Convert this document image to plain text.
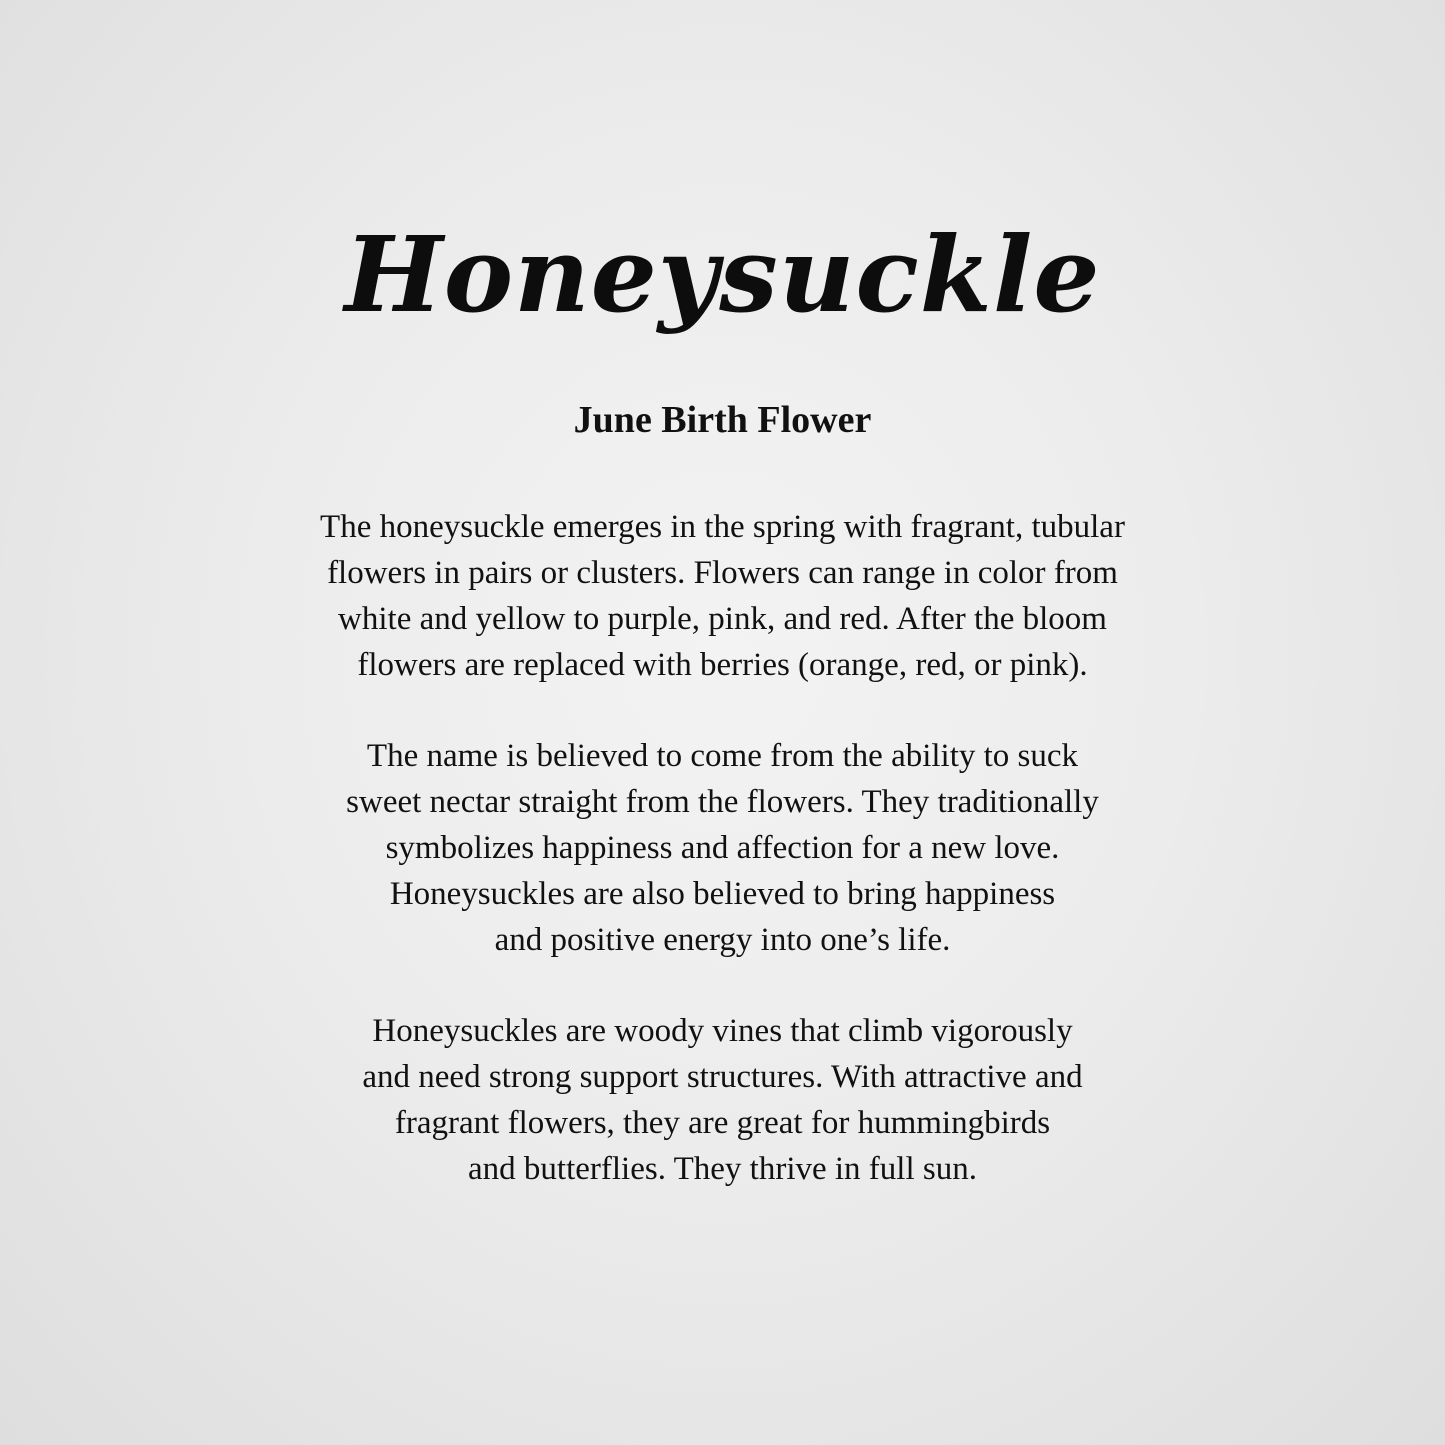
Honeysuckle
June Birth Flower
The honeysuckle emerges in the spring with fragrant, tubular
flowers in pairs or clusters. Flowers can range in color from
white and yellow to purple, pink, and red. After the bloom
flowers are replaced with berries (orange, red, or pink).
The name is believed to come from the ability to suck
sweet nectar straight from the flowers. They traditionally
symbolizes happiness and affection for a new love.
Honeysuckles are also believed to bring happiness
and positive energy into one’s life.
Honeysuckles are woody vines that climb vigorously
and need strong support structures. With attractive and
fragrant flowers, they are great for hummingbirds
and butterflies. They thrive in full sun.
